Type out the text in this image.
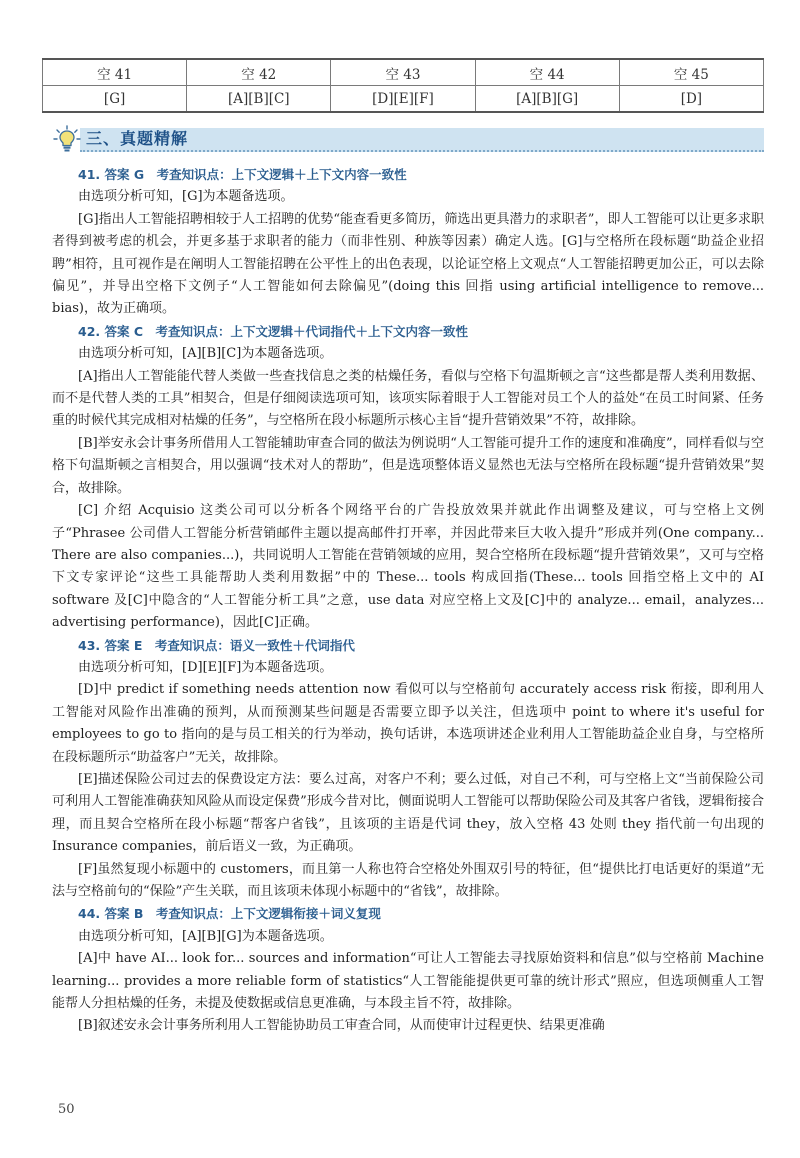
空 41	空 42	空 43	空 44	空 45
[G]	[A][B][C]	[D][E][F]	[A][B][G]	[D]
三、真题精解

41. 答案 G　考查知识点：上下文逻辑＋上下文内容一致性

由选项分析可知，[G]为本题备选项。

[G]指出人工智能招聘相较于人工招聘的优势“能查看更多简历，筛选出更具潜力的求职者”，即人工智能可以让更多求职者得到被考虑的机会，并更多基于求职者的能力（而非性别、种族等因素）确定人选。[G]与空格所在段标题“助益企业招聘”相符，且可视作是在阐明人工智能招聘在公平性上的出色表现，以论证空格上文观点“人工智能招聘更加公正，可以去除偏见”，并导出空格下文例子“人工智能如何去除偏见”(doing this 回指 using artificial intelligence to remove... bias)，故为正确项。

42. 答案 C　考查知识点：上下文逻辑＋代词指代＋上下文内容一致性

由选项分析可知，[A][B][C]为本题备选项。

[A]指出人工智能能代替人类做一些查找信息之类的枯燥任务，看似与空格下句温斯顿之言“这些都是帮人类利用数据、而不是代替人类的工具”相契合，但是仔细阅读选项可知，该项实际着眼于人工智能对员工个人的益处“在员工时间紧、任务重的时候代其完成相对枯燥的任务”，与空格所在段小标题所示核心主旨“提升营销效果”不符，故排除。

[B]举安永会计事务所借用人工智能辅助审查合同的做法为例说明“人工智能可提升工作的速度和准确度”，同样看似与空格下句温斯顿之言相契合，用以强调“技术对人的帮助”，但是选项整体语义显然也无法与空格所在段标题“提升营销效果”契合，故排除。

[C] 介绍 Acquisio 这类公司可以分析各个网络平台的广告投放效果并就此作出调整及建议，可与空格上文例子“Phrasee 公司借人工智能分析营销邮件主题以提高邮件打开率，并因此带来巨大收入提升”形成并列(One company... There are also companies...)，共同说明人工智能在营销领域的应用，契合空格所在段标题“提升营销效果”，又可与空格下文专家评论“这些工具能帮助人类利用数据”中的 These... tools 构成回指(These... tools 回指空格上文中的 AI software 及[C]中隐含的“人工智能分析工具”之意，use data 对应空格上文及[C]中的 analyze... email，analyzes... advertising performance)，因此[C]正确。

43. 答案 E　考查知识点：语义一致性＋代词指代

由选项分析可知，[D][E][F]为本题备选项。

[D]中 predict if something needs attention now 看似可以与空格前句 accurately access risk 衔接，即利用人工智能对风险作出准确的预判，从而预测某些问题是否需要立即予以关注，但选项中 point to where it's useful for employees to go to 指向的是与员工相关的行为举动，换句话讲，本选项讲述企业利用人工智能助益企业自身，与空格所在段标题所示“助益客户”无关，故排除。

[E]描述保险公司过去的保费设定方法：要么过高，对客户不利；要么过低，对自己不利，可与空格上文“当前保险公司可利用人工智能准确获知风险从而设定保费”形成今昔对比，侧面说明人工智能可以帮助保险公司及其客户省钱，逻辑衔接合理，而且契合空格所在段小标题“帮客户省钱”，且该项的主语是代词 they，放入空格 43 处则 they 指代前一句出现的 Insurance companies，前后语义一致，为正确项。

[F]虽然复现小标题中的 customers，而且第一人称也符合空格处外围双引号的特征，但“提供比打电话更好的渠道”无法与空格前句的“保险”产生关联，而且该项未体现小标题中的“省钱”，故排除。

44. 答案 B　考查知识点：上下文逻辑衔接＋词义复现

由选项分析可知，[A][B][G]为本题备选项。

[A]中 have AI... look for... sources and information“可让人工智能去寻找原始资料和信息”似与空格前 Machine learning... provides a more reliable form of statistics“人工智能能提供更可靠的统计形式”照应，但选项侧重人工智能帮人分担枯燥的任务，未提及使数据或信息更准确，与本段主旨不符，故排除。

[B]叙述安永会计事务所利用人工智能协助员工审查合同，从而使审计过程更快、结果更准确

50
